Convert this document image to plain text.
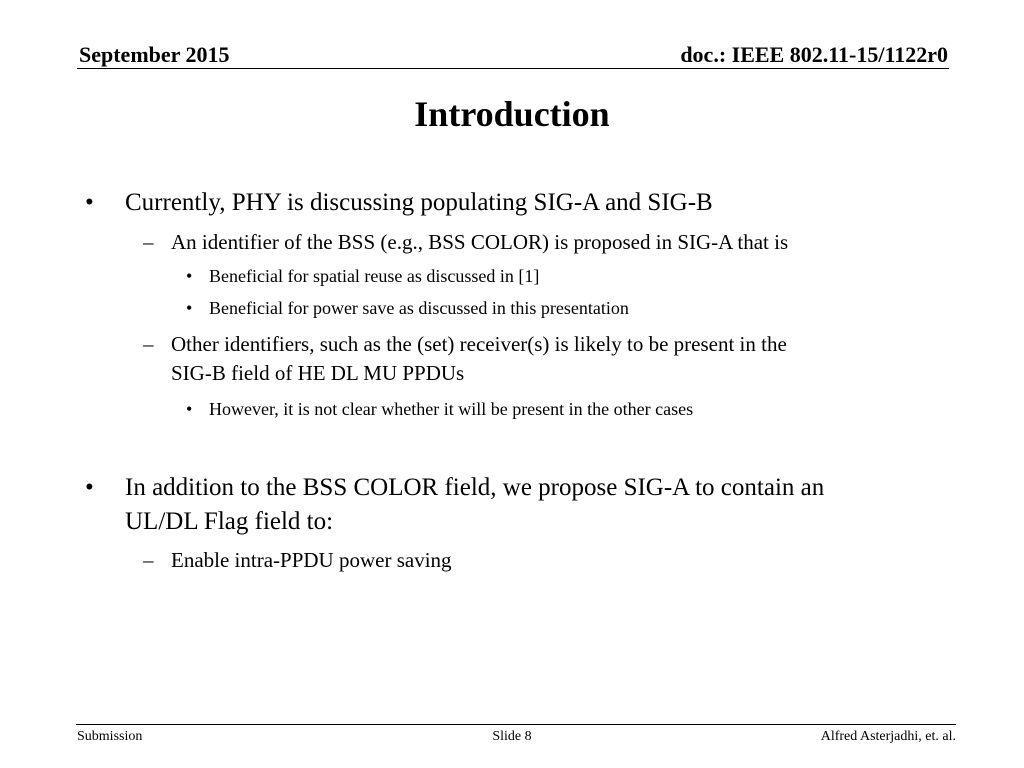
September 2015	doc.: IEEE 802.11-15/1122r0
Introduction
• Currently, PHY is discussing populating SIG-A and SIG-B
– An identifier of the BSS (e.g., BSS COLOR) is proposed in SIG-A that is
• Beneficial for spatial reuse as discussed in [1]
• Beneficial for power save as discussed in this presentation
– Other identifiers, such as the (set) receiver(s) is likely to be present in the
SIG-B field of HE DL MU PPDUs
• However, it is not clear whether it will be present in the other cases
• In addition to the BSS COLOR field, we propose SIG-A to contain an
UL/DL Flag field to:
– Enable intra-PPDU power saving
Submission	Slide 8	Alfred Asterjadhi, et. al.
